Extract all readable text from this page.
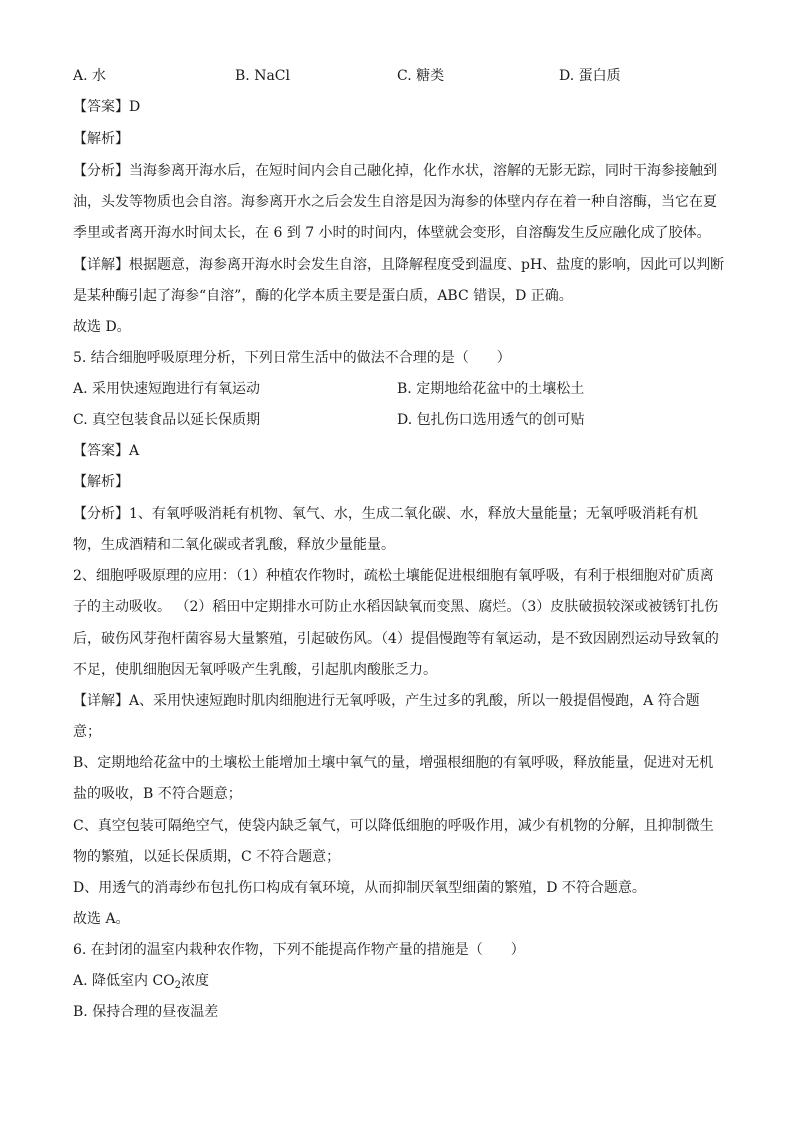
A. 水	B. NaCl	C. 糖类	D. 蛋白质
【答案】D
【解析】
【分析】当海参离开海水后，在短时间内会自己融化掉，化作水状，溶解的无影无踪，同时干海参接触到
油，头发等物质也会自溶。海参离开水之后会发生自溶是因为海参的体壁内存在着一种自溶酶，当它在夏
季里或者离开海水时间太长，在 6 到 7 小时的时间内，体壁就会变形，自溶酶发生反应融化成了胶体。
【详解】根据题意，海参离开海水时会发生自溶，且降解程度受到温度、pH、盐度的影响，因此可以判断
是某种酶引起了海参“自溶”，酶的化学本质主要是蛋白质，ABC 错误，D 正确。
故选 D。
5. 结合细胞呼吸原理分析，下列日常生活中的做法不合理的是（　　）
A. 采用快速短跑进行有氧运动	B. 定期地给花盆中的土壤松土
C. 真空包装食品以延长保质期	D. 包扎伤口选用透气的创可贴
【答案】A
【解析】
【分析】1、有氧呼吸消耗有机物、氧气、水，生成二氧化碳、水，释放大量能量；无氧呼吸消耗有机
物，生成酒精和二氧化碳或者乳酸，释放少量能量。
2、细胞呼吸原理的应用：（1）种植农作物时，疏松土壤能促进根细胞有氧呼吸，有利于根细胞对矿质离
子的主动吸收。 （2）稻田中定期排水可防止水稻因缺氧而变黑、腐烂。（3）皮肤破损较深或被锈钉扎伤
后，破伤风芽孢杆菌容易大量繁殖，引起破伤风。（4）提倡慢跑等有氧运动，是不致因剧烈运动导致氧的
不足，使肌细胞因无氧呼吸产生乳酸，引起肌肉酸胀乏力。
【详解】A、采用快速短跑时肌肉细胞进行无氧呼吸，产生过多的乳酸，所以一般提倡慢跑，A 符合题
意；
B、定期地给花盆中的土壤松土能增加土壤中氧气的量，增强根细胞的有氧呼吸，释放能量，促进对无机
盐的吸收，B 不符合题意；
C、真空包装可隔绝空气，使袋内缺乏氧气，可以降低细胞的呼吸作用，减少有机物的分解，且抑制微生
物的繁殖，以延长保质期，C 不符合题意；
D、用透气的消毒纱布包扎伤口构成有氧环境，从而抑制厌氧型细菌的繁殖，D 不符合题意。
故选 A。
6. 在封闭的温室内栽种农作物，下列不能提高作物产量的措施是（　　）
A. 降低室内 $CO_2$浓度
B. 保持合理的昼夜温差
